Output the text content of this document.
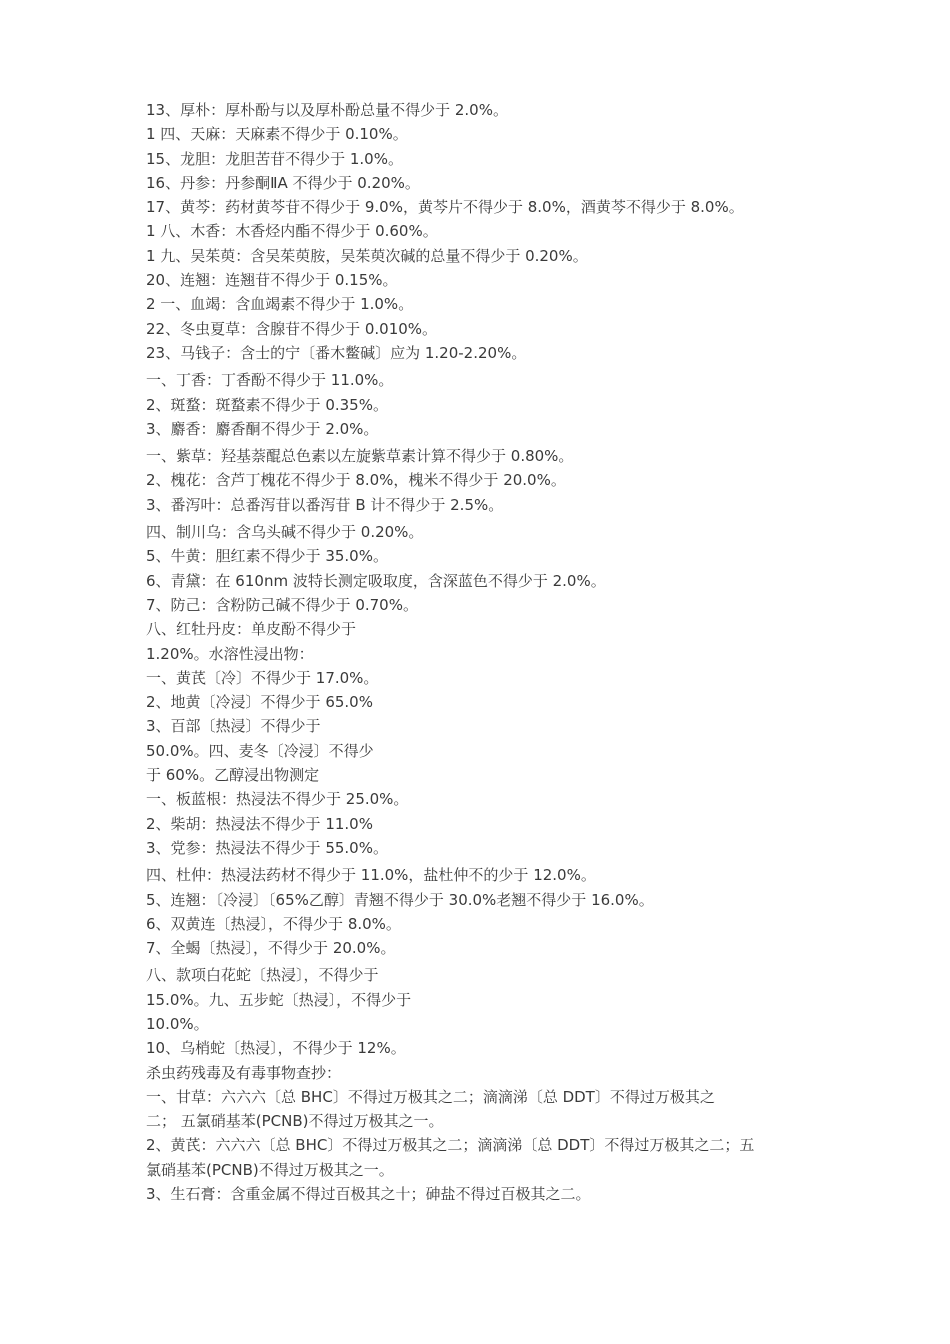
13、厚朴：厚朴酚与以及厚朴酚总量不得少于 2.0%。
1 四、天麻：天麻素不得少于 0.10%。
15、龙胆：龙胆苦苷不得少于 1.0%。
16、丹参：丹参酮ⅡA 不得少于 0.20%。
17、黄芩：药材黄芩苷不得少于 9.0%，黄芩片不得少于 8.0%，酒黄芩不得少于 8.0%。
1 八、木香：木香烃内酯不得少于 0.60%。
1 九、吴茱萸：含吴茱萸胺，吴茱萸次碱的总量不得少于 0.20%。
20、连翘：连翘苷不得少于 0.15%。
2 一、血竭：含血竭素不得少于 1.0%。
22、冬虫夏草：含腺苷不得少于 0.010%。
23、马钱子：含士的宁〔番木鳖碱〕应为 1.20-2.20%。
一、丁香：丁香酚不得少于 11.0%。
2、斑蝥：斑蝥素不得少于 0.35%。
3、麝香：麝香酮不得少于 2.0%。
一、紫草：羟基萘醌总色素以左旋紫草素计算不得少于 0.80%。
2、槐花：含芦丁槐花不得少于 8.0%，槐米不得少于 20.0%。
3、番泻叶：总番泻苷以番泻苷 B 计不得少于 2.5%。
四、制川乌：含乌头碱不得少于 0.20%。
5、牛黄：胆红素不得少于 35.0%。
6、青黛：在 610nm 波特长测定吸取度，含深蓝色不得少于 2.0%。
7、防己：含粉防己碱不得少于 0.70%。
八、红牡丹皮：单皮酚不得少于
1.20%。水溶性浸出物：
一、黄芪〔冷〕不得少于 17.0%。
2、地黄〔冷浸〕不得少于 65.0%
3、百部〔热浸〕不得少于
50.0%。四、麦冬〔冷浸〕不得少
于 60%。乙醇浸出物测定
一、板蓝根：热浸法不得少于 25.0%。
2、柴胡：热浸法不得少于 11.0%
3、党参：热浸法不得少于 55.0%。
四、杜仲：热浸法药材不得少于 11.0%，盐杜仲不的少于 12.0%。
5、连翘：〔冷浸〕〔65%乙醇〕青翘不得少于 30.0%老翘不得少于 16.0%。
6、双黄连〔热浸〕，不得少于 8.0%。
7、全蝎〔热浸〕，不得少于 20.0%。
八、款项白花蛇〔热浸〕，不得少于
15.0%。九、五步蛇〔热浸〕，不得少于
10.0%。
10、乌梢蛇〔热浸〕，不得少于 12%。
杀虫药残毒及有毒事物查抄：
一、甘草：六六六〔总 BHC〕不得过万极其之二；滴滴涕〔总 DDT〕不得过万极其之
二； 五氯硝基苯(PCNB)不得过万极其之一。
2、黄芪：六六六〔总 BHC〕不得过万极其之二；滴滴涕〔总 DDT〕不得过万极其之二；五
氯硝基苯(PCNB)不得过万极其之一。
3、生石膏：含重金属不得过百极其之十；砷盐不得过百极其之二。
